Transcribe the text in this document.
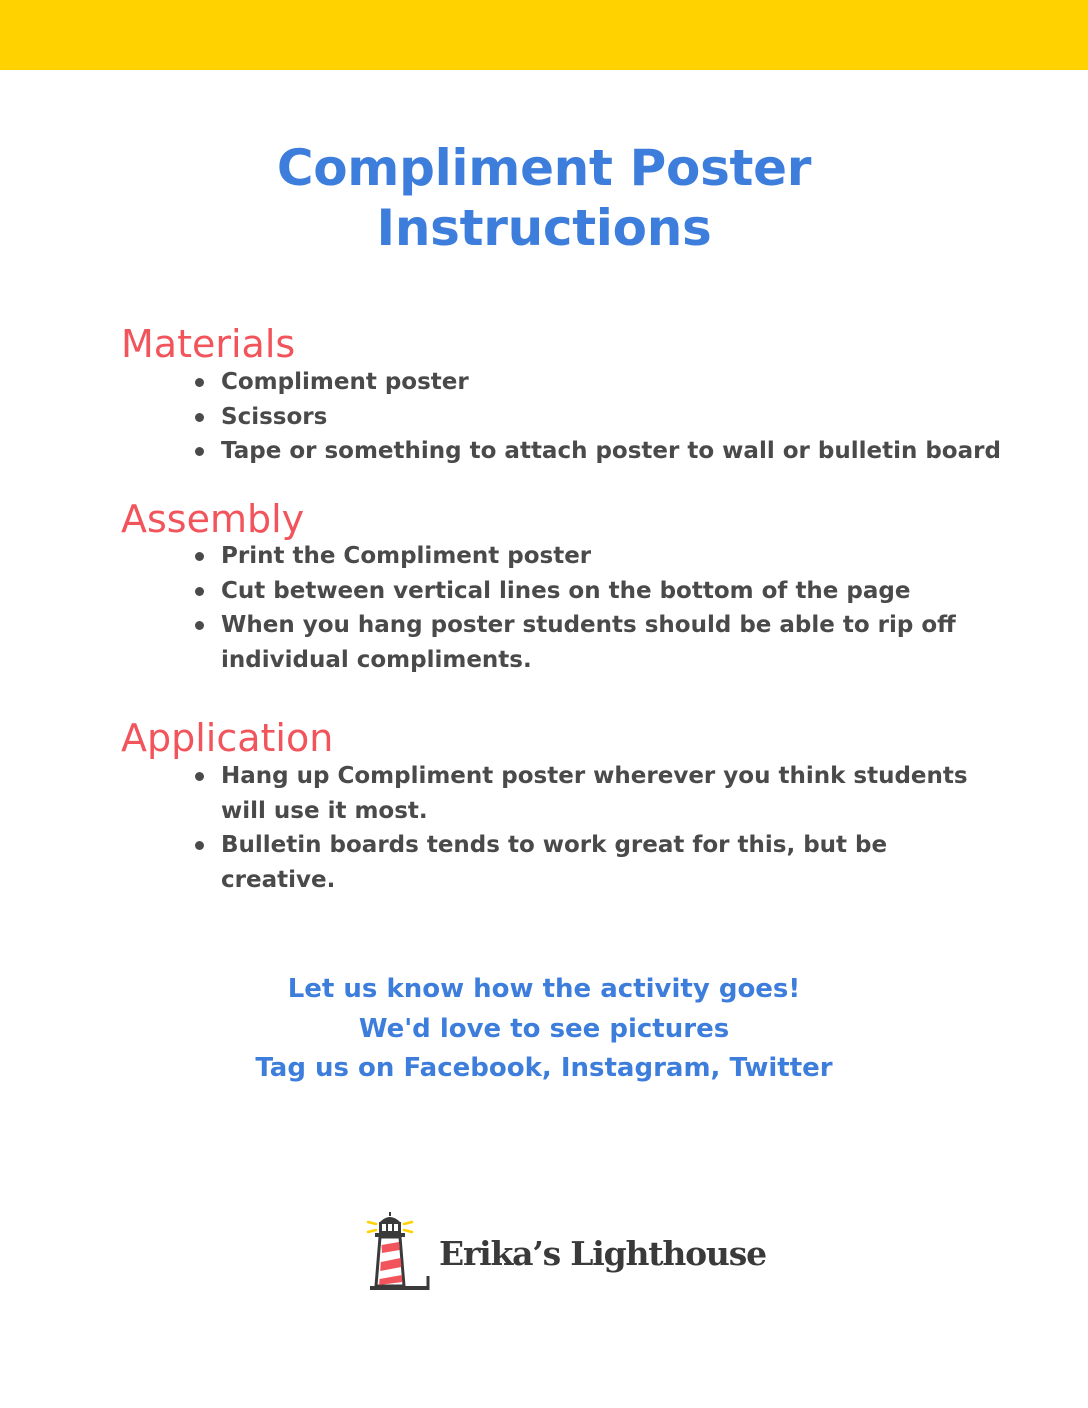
Compliment Poster
Instructions
Materials
Compliment poster
Scissors
Tape or something to attach poster to wall or bulletin board
Assembly
Print the Compliment poster
Cut between vertical lines on the bottom of the page
When you hang poster students should be able to rip off individual compliments.
Application
Hang up Compliment poster wherever you think students will use it most.
Bulletin boards tends to work great for this, but be creative.
Let us know how the activity goes!
We'd love to see pictures
Tag us on Facebook, Instagram, Twitter
Erika’s Lighthouse
